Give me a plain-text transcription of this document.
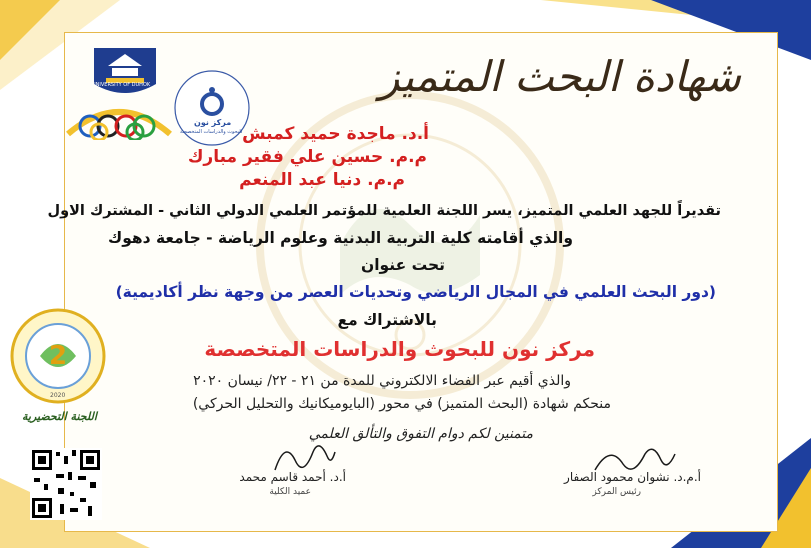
UNIVERSITY OF DUHOK
مركز نون
للبحوث والدراسات المتخصصة
شهادة البحث المتميز
أ.د. ماجدة حميد كمبش
م.م. حسين علي فقير مبارك
م.م. دنيا عبد المنعم
تقديراً للجهد العلمي المتميز، يسر اللجنة العلمية للمؤتمر العلمي الدولي الثاني - المشترك الاول
والذي أقامته كلية التربية البدنية وعلوم الرياضة - جامعة دهوك
تحت عنوان
(دور البحث العلمي في المجال الرياضي وتحديات العصر من وجهة نظر أكاديمية)
بالاشتراك مع
مركز نون للبحوث والدراسات المتخصصة
والذي أقيم عبر الفضاء الالكتروني للمدة من ٢١ - ٢٢/ نيسان ٢٠٢٠
منحكم شهادة (البحث المتميز) في محور (البايوميكانيك والتحليل الحركي)
متمنين لكم دوام التفوق والتألق العلمي
2
2020
اللجنة التحضيرية
أ.د. أحمد قاسم محمد
عميد الكلية
أ.م.د. نشوان محمود الصفار
رئيس المركز
